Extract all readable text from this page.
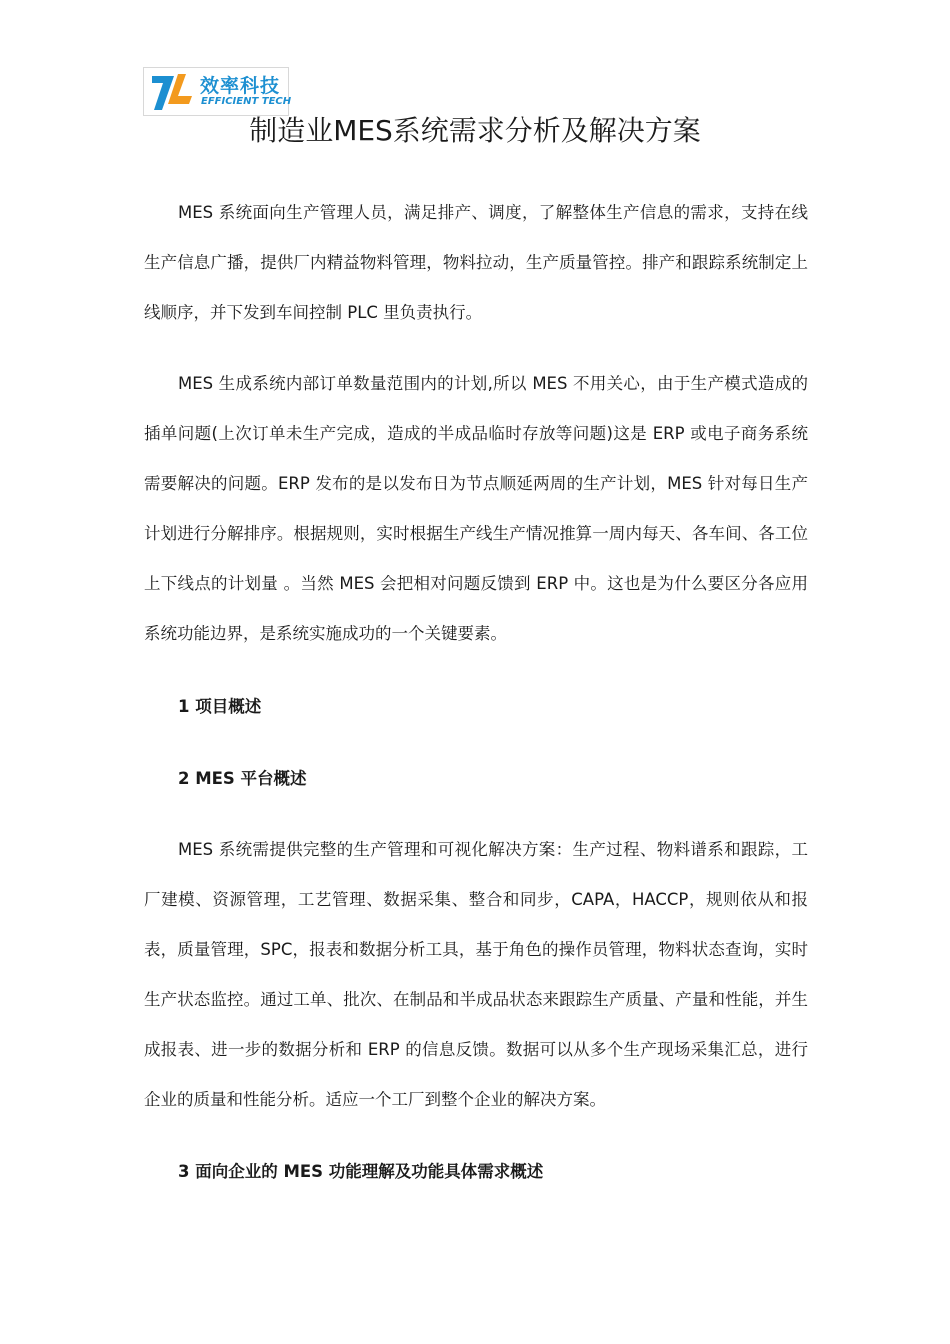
效率科技
EFFICIENT TECH
制造业MES系统需求分析及解决方案

MES 系统面向生产管理人员，满足排产、调度，了解整体生产信息的需求，支持在线生产信息广播，提供厂内精益物料管理，物料拉动，生产质量管控。排产和跟踪系统制定上线顺序，并下发到车间控制 PLC 里负责执行。

MES 生成系统内部订单数量范围内的计划,所以 MES 不用关心，由于生产模式造成的插单问题(上次订单未生产完成，造成的半成品临时存放等问题)这是 ERP 或电子商务系统需要解决的问题。ERP 发布的是以发布日为节点顺延两周的生产计划，MES 针对每日生产计划进行分解排序。根据规则，实时根据生产线生产情况推算一周内每天、各车间、各工位上下线点的计划量 。当然 MES 会把相对问题反馈到 ERP 中。这也是为什么要区分各应用系统功能边界，是系统实施成功的一个关键要素。

1 项目概述
2 MES 平台概述

MES 系统需提供完整的生产管理和可视化解决方案：生产过程、物料谱系和跟踪，工厂建模、资源管理，工艺管理、数据采集、整合和同步，CAPA，HACCP，规则依从和报表，质量管理，SPC，报表和数据分析工具，基于角色的操作员管理，物料状态查询，实时生产状态监控。通过工单、批次、在制品和半成品状态来跟踪生产质量、产量和性能，并生成报表、进一步的数据分析和 ERP 的信息反馈。数据可以从多个生产现场采集汇总，进行企业的质量和性能分析。适应一个工厂到整个企业的解决方案。

3 面向企业的 MES 功能理解及功能具体需求概述
